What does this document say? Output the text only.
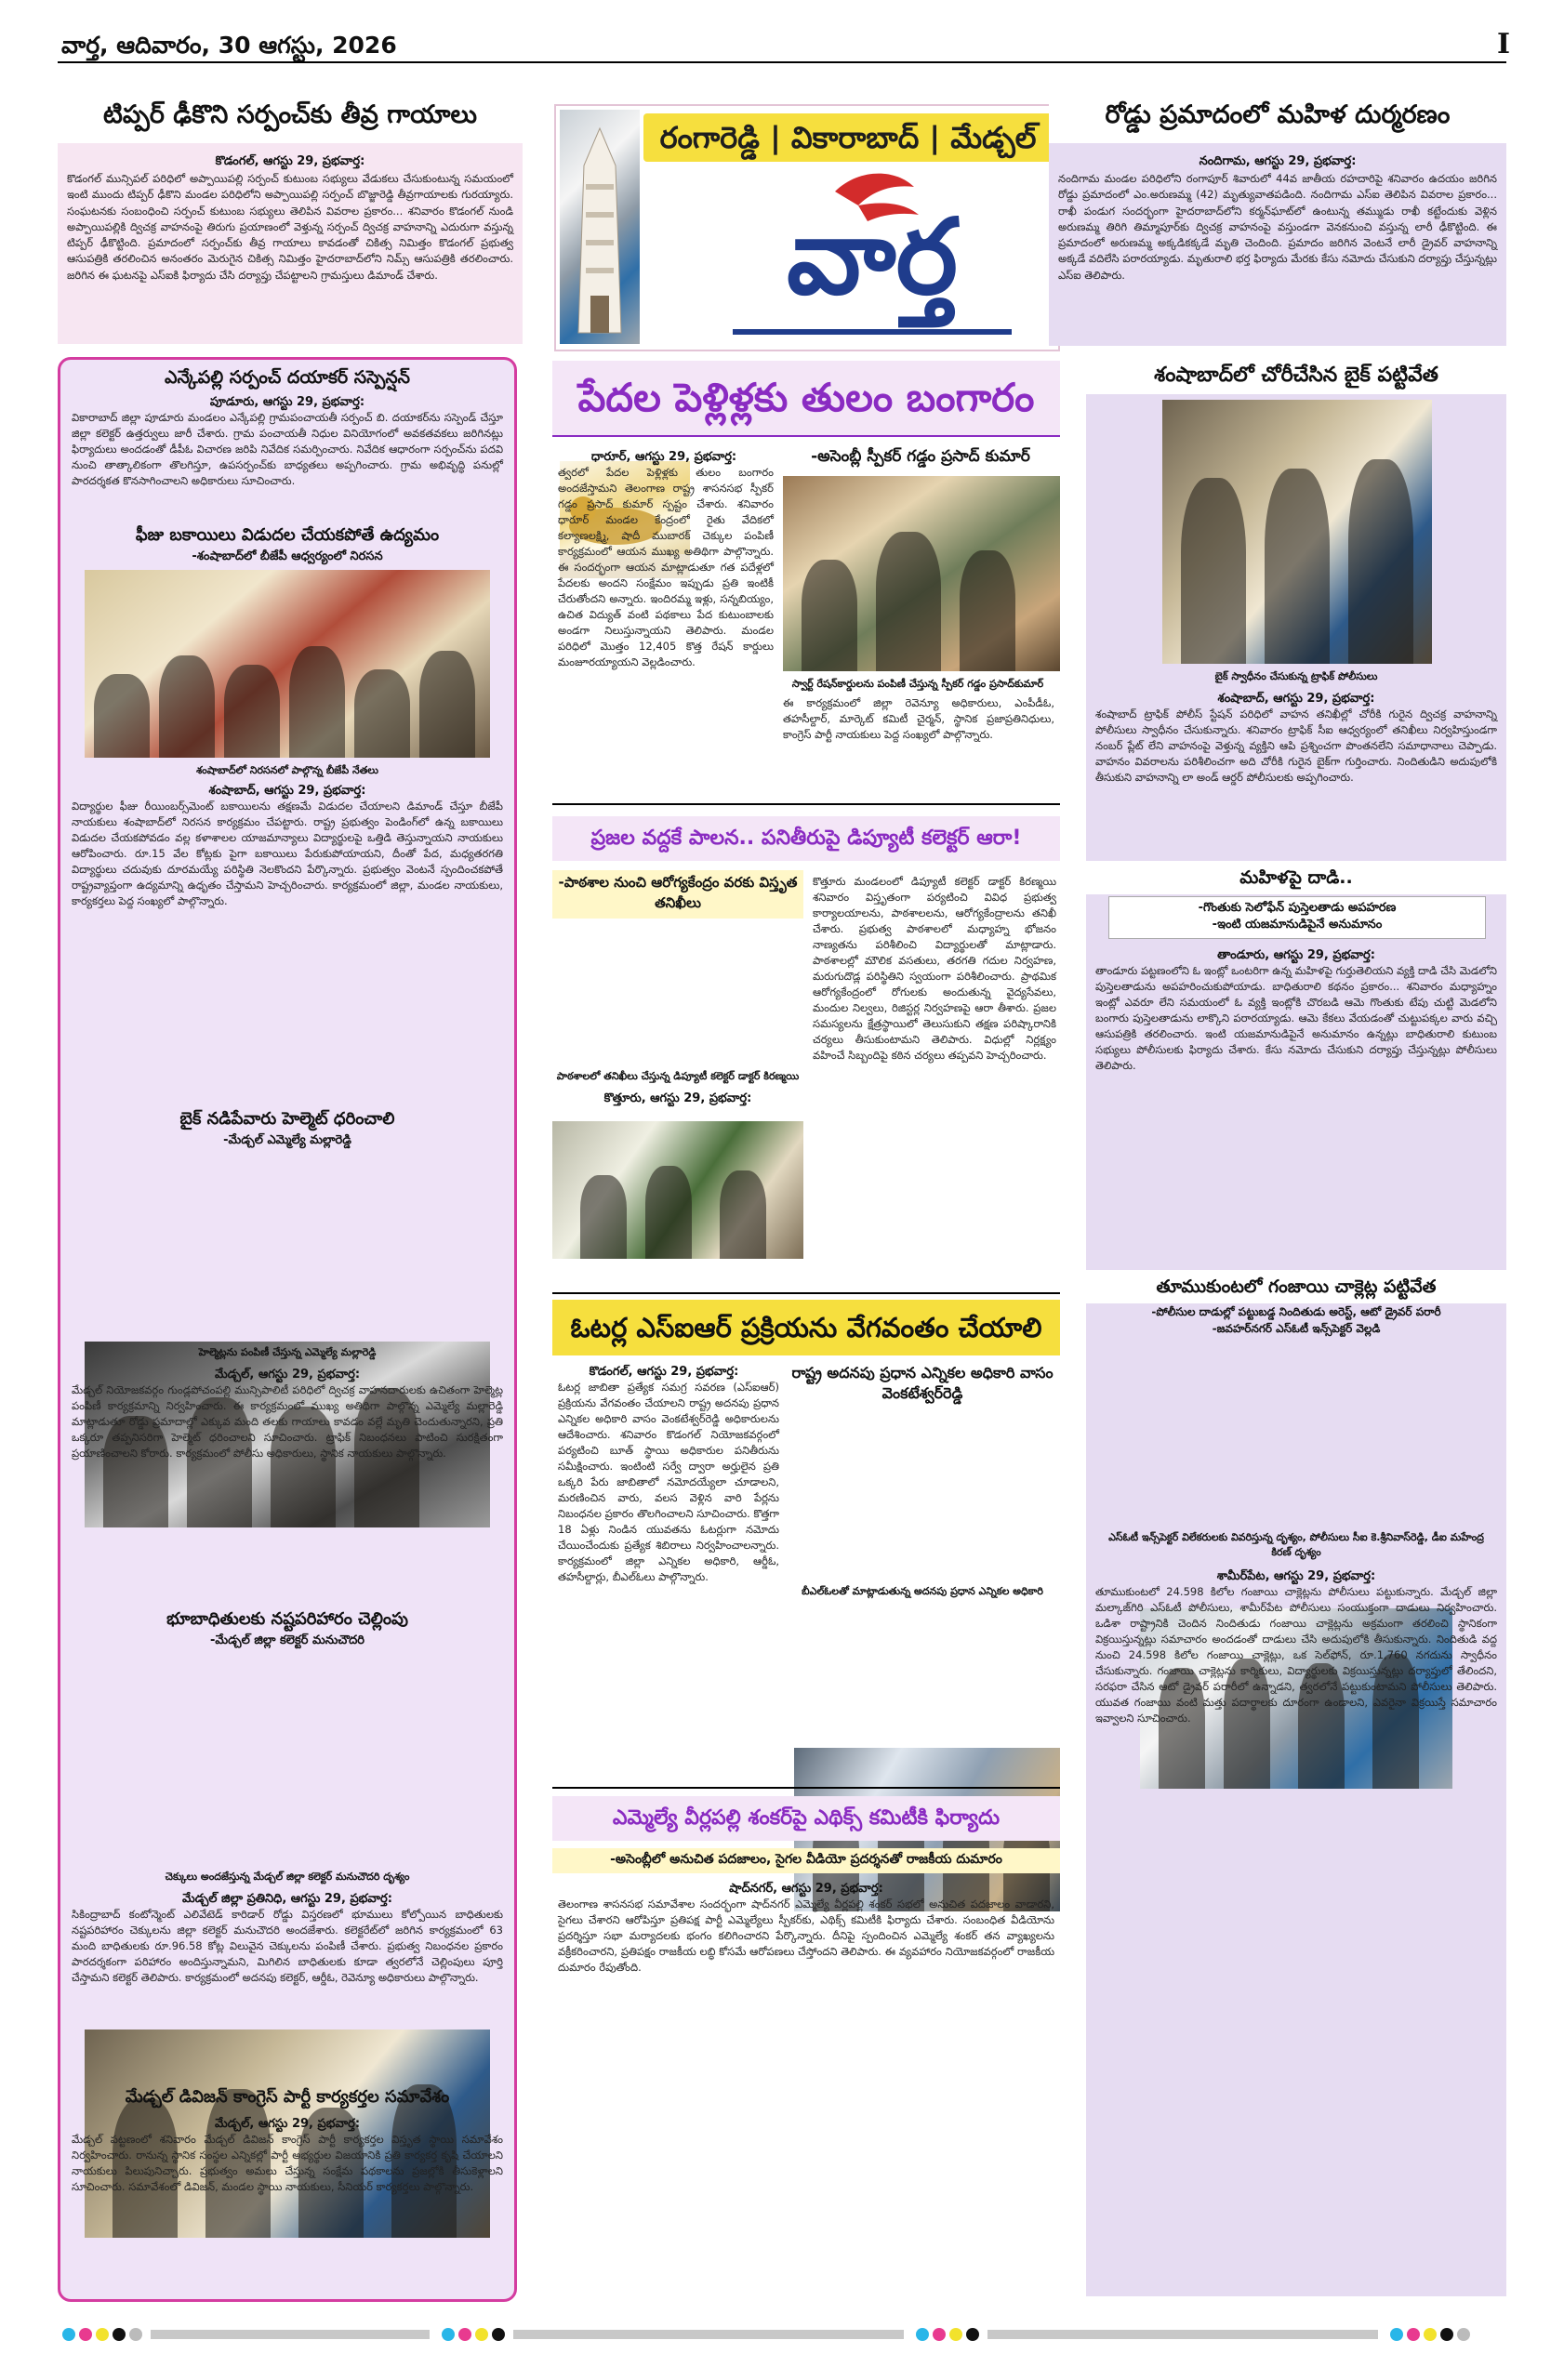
వార్త, ఆదివారం, 30 ఆగస్టు, 2026	I
టిప్పర్ ఢీకొని సర్పంచ్‌కు తీవ్ర గాయాలు
కొడంగల్, ఆగస్టు 29, ప్రభవార్త:
కొడంగల్ మున్సిపల్ పరిధిలో అప్పాయిపల్లి సర్పంచ్ కుటుంబ సభ్యులు వేడుకలు చేసుకుంటున్న సమయంలో ఇంటి ముందు టిప్పర్ ఢీకొని మండల పరిధిలోని అప్పాయిపల్లి సర్పంచ్ బొజ్జారెడ్డి తీవ్రగాయాలకు గురయ్యారు. సంఘటనకు సంబంధించి సర్పంచ్ కుటుంబ సభ్యులు తెలిపిన వివరాల ప్రకారం... శనివారం కొడంగల్ నుండి అప్పాయిపల్లికి ద్విచక్ర వాహనంపై తిరుగు ప్రయాణంలో వెళ్తున్న సర్పంచ్ ద్విచక్ర వాహనాన్ని ఎదురుగా వస్తున్న టిప్పర్ ఢీకొట్టింది. ప్రమాదంలో సర్పంచ్‌కు తీవ్ర గాయాలు కావడంతో చికిత్స నిమిత్తం కొడంగల్ ప్రభుత్వ ఆసుపత్రికి తరలించిన అనంతరం మెరుగైన చికిత్స నిమిత్తం హైదరాబాద్‌లోని నిమ్స్ ఆసుపత్రికి తరలించారు. జరిగిన ఈ ఘటనపై ఎస్ఐకి ఫిర్యాదు చేసి దర్యాప్తు చేపట్టాలని గ్రామస్తులు డిమాండ్ చేశారు.
రంగారెడ్డి | వికారాబాద్ | మేడ్చల్
వార్త
రోడ్డు ప్రమాదంలో మహిళ దుర్మరణం
నందిగామ, ఆగస్టు 29, ప్రభవార్త:
నందిగామ మండల పరిధిలోని రంగాపూర్ శివారులో 44వ జాతీయ రహదారిపై శనివారం ఉదయం జరిగిన రోడ్డు ప్రమాదంలో ఎం.అరుణమ్మ (42) మృత్యువాతపడింది. నందిగామ ఎస్ఐ తెలిపిన వివరాల ప్రకారం... రాఖీ పండుగ సందర్భంగా హైదరాబాద్‌లోని కర్మన్‌ఘాట్‌లో ఉంటున్న తమ్ముడు రాఖీ కట్టేందుకు వెళ్లిన అరుణమ్మ తిరిగి తిమ్మాపూర్‌కు ద్విచక్ర వాహనంపై వస్తుండగా వెనకనుంచి వస్తున్న లారీ ఢీకొట్టింది. ఈ ప్రమాదంలో అరుణమ్మ అక్కడికక్కడే మృతి చెందింది. ప్రమాదం జరిగిన వెంటనే లారీ డ్రైవర్ వాహనాన్ని అక్కడే వదిలేసి పరారయ్యాడు. మృతురాలి భర్త ఫిర్యాదు మేరకు కేసు నమోదు చేసుకుని దర్యాప్తు చేస్తున్నట్లు ఎస్ఐ తెలిపారు.
ఎన్కేపల్లి సర్పంచ్ దయాకర్ సస్పెన్షన్
పూడూరు, ఆగస్టు 29, ప్రభవార్త:
వికారాబాద్ జిల్లా పూడూరు మండలం ఎన్కేపల్లి గ్రామపంచాయతీ సర్పంచ్ బి. దయాకర్‌ను సస్పెండ్ చేస్తూ జిల్లా కలెక్టర్ ఉత్తర్వులు జారీ చేశారు. గ్రామ పంచాయతీ నిధుల వినియోగంలో అవకతవకలు జరిగినట్లు ఫిర్యాదులు అందడంతో డీపీఓ విచారణ జరిపి నివేదిక సమర్పించారు. నివేదిక ఆధారంగా సర్పంచ్‌ను పదవి నుంచి తాత్కాలికంగా తొలగిస్తూ, ఉపసర్పంచ్‌కు బాధ్యతలు అప్పగించారు. గ్రామ అభివృద్ధి పనుల్లో పారదర్శకత కొనసాగించాలని అధికారులు సూచించారు.
ఫీజు బకాయిలు విడుదల చేయకపోతే ఉద్యమం
-శంషాబాద్‌లో బీజేపీ ఆధ్వర్యంలో నిరసన
శంషాబాద్‌లో నిరసనలో పాల్గొన్న బీజేపీ నేతలు
శంషాబాద్, ఆగస్టు 29, ప్రభవార్త:
విద్యార్థుల ఫీజు రీయింబర్స్‌మెంట్ బకాయిలను తక్షణమే విడుదల చేయాలని డిమాండ్ చేస్తూ బీజేపీ నాయకులు శంషాబాద్‌లో నిరసన కార్యక్రమం చేపట్టారు. రాష్ట్ర ప్రభుత్వం పెండింగ్‌లో ఉన్న బకాయిలు విడుదల చేయకపోవడం వల్ల కళాశాలల యాజమాన్యాలు విద్యార్థులపై ఒత్తిడి తెస్తున్నాయని నాయకులు ఆరోపించారు. రూ.15 వేల కోట్లకు పైగా బకాయిలు పేరుకుపోయాయని, దీంతో పేద, మధ్యతరగతి విద్యార్థులు చదువుకు దూరమయ్యే పరిస్థితి నెలకొందని పేర్కొన్నారు. ప్రభుత్వం వెంటనే స్పందించకపోతే రాష్ట్రవ్యాప్తంగా ఉద్యమాన్ని ఉధృతం చేస్తామని హెచ్చరించారు. కార్యక్రమంలో జిల్లా, మండల నాయకులు, కార్యకర్తలు పెద్ద సంఖ్యలో పాల్గొన్నారు.
బైక్ నడిపేవారు హెల్మెట్ ధరించాలి
-మేడ్చల్ ఎమ్మెల్యే మల్లారెడ్డి
హెల్మెట్లను పంపిణీ చేస్తున్న ఎమ్మెల్యే మల్లారెడ్డి
మేడ్చల్, ఆగస్టు 29, ప్రభవార్త:
మేడ్చల్ నియోజకవర్గం గుండ్లపోచంపల్లి మున్సిపాలిటీ పరిధిలో ద్విచక్ర వాహనదారులకు ఉచితంగా హెల్మెట్ల పంపిణీ కార్యక్రమాన్ని నిర్వహించారు. ఈ కార్యక్రమంలో ముఖ్య అతిథిగా పాల్గొన్న ఎమ్మెల్యే మల్లారెడ్డి మాట్లాడుతూ రోడ్డు ప్రమాదాల్లో ఎక్కువ మంది తలకు గాయాలు కావడం వల్లే మృతి చెందుతున్నారని, ప్రతి ఒక్కరూ తప్పనిసరిగా హెల్మెట్ ధరించాలని సూచించారు. ట్రాఫిక్ నిబంధనలు పాటించి సురక్షితంగా ప్రయాణించాలని కోరారు. కార్యక్రమంలో పోలీసు అధికారులు, స్థానిక నాయకులు పాల్గొన్నారు.
భూబాధితులకు నష్టపరిహారం చెల్లింపు
-మేడ్చల్ జిల్లా కలెక్టర్ మనుచౌదరి
చెక్కులు అందజేస్తున్న మేడ్చల్ జిల్లా కలెక్టర్ మనుచౌదరి దృశ్యం
మేడ్చల్ జిల్లా ప్రతినిధి, ఆగస్టు 29, ప్రభవార్త:
సికింద్రాబాద్ కంటోన్మెంట్ ఎలివేటెడ్ కారిడార్ రోడ్డు విస్తరణలో భూములు కోల్పోయిన బాధితులకు నష్టపరిహారం చెక్కులను జిల్లా కలెక్టర్ మనుచౌదరి అందజేశారు. కలెక్టరేట్‌లో జరిగిన కార్యక్రమంలో 63 మంది బాధితులకు రూ.96.58 కోట్ల విలువైన చెక్కులను పంపిణీ చేశారు. ప్రభుత్వ నిబంధనల ప్రకారం పారదర్శకంగా పరిహారం అందిస్తున్నామని, మిగిలిన బాధితులకు కూడా త్వరలోనే చెల్లింపులు పూర్తి చేస్తామని కలెక్టర్ తెలిపారు. కార్యక్రమంలో అదనపు కలెక్టర్, ఆర్డీఓ, రెవెన్యూ అధికారులు పాల్గొన్నారు.
మేడ్చల్ డివిజన్ కాంగ్రెస్ పార్టీ కార్యకర్తల సమావేశం
మేడ్చల్, ఆగస్టు 29, ప్రభవార్త:
మేడ్చల్ పట్టణంలో శనివారం మేడ్చల్ డివిజన్ కాంగ్రెస్ పార్టీ కార్యకర్తల విస్తృత స్థాయి సమావేశం నిర్వహించారు. రానున్న స్థానిక సంస్థల ఎన్నికల్లో పార్టీ అభ్యర్థుల విజయానికి ప్రతి కార్యకర్త కృషి చేయాలని నాయకులు పిలుపునిచ్చారు. ప్రభుత్వం అమలు చేస్తున్న సంక్షేమ పథకాలను ప్రజల్లోకి తీసుకెళ్లాలని సూచించారు. సమావేశంలో డివిజన్, మండల స్థాయి నాయకులు, సీనియర్ కార్యకర్తలు పాల్గొన్నారు.
పేదల పెళ్లిళ్లకు తులం బంగారం
-అసెంబ్లీ స్పీకర్ గడ్డం ప్రసాద్ కుమార్
ధారూర్, ఆగస్టు 29, ప్రభవార్త:
త్వరలో పేదల పెళ్లిళ్లకు తులం బంగారం అందజేస్తామని తెలంగాణ రాష్ట్ర శాసనసభ స్పీకర్ గడ్డం ప్రసాద్ కుమార్ స్పష్టం చేశారు. శనివారం ధారూర్ మండల కేంద్రంలో రైతు వేదికలో కల్యాణలక్ష్మి, షాదీ ముబారక్ చెక్కుల పంపిణీ కార్యక్రమంలో ఆయన ముఖ్య అతిథిగా పాల్గొన్నారు. ఈ సందర్భంగా ఆయన మాట్లాడుతూ గత పదేళ్లలో పేదలకు అందని సంక్షేమం ఇప్పుడు ప్రతి ఇంటికీ చేరుతోందని అన్నారు. ఇందిరమ్మ ఇళ్లు, సన్నబియ్యం, ఉచిత విద్యుత్ వంటి పథకాలు పేద కుటుంబాలకు అండగా నిలుస్తున్నాయని తెలిపారు. మండల పరిధిలో మొత్తం 12,405 కొత్త రేషన్ కార్డులు మంజూరయ్యాయని వెల్లడించారు.
స్వార్ట్ రేషన్‌కార్డులను పంపిణీ చేస్తున్న స్పీకర్ గడ్డం ప్రసాద్‌కుమార్
ఈ కార్యక్రమంలో జిల్లా రెవెన్యూ అధికారులు, ఎంపీడీఓ, తహసీల్దార్, మార్కెట్ కమిటీ చైర్మన్, స్థానిక ప్రజాప్రతినిధులు, కాంగ్రెస్ పార్టీ నాయకులు పెద్ద సంఖ్యలో పాల్గొన్నారు.
ప్రజల వద్దకే పాలన.. పనితీరుపై డిప్యూటీ కలెక్టర్ ఆరా!
-పాఠశాల నుంచి ఆరోగ్యకేంద్రం వరకు విస్తృత తనిఖీలు
పాఠశాలలో తనిఖీలు చేస్తున్న డిప్యూటీ కలెక్టర్ డాక్టర్ కిరణ్మయి
కొత్తూరు, ఆగస్టు 29, ప్రభవార్త:
కొత్తూరు మండలంలో డిప్యూటీ కలెక్టర్ డాక్టర్ కిరణ్మయి శనివారం విస్తృతంగా పర్యటించి వివిధ ప్రభుత్వ కార్యాలయాలను, పాఠశాలలను, ఆరోగ్యకేంద్రాలను తనిఖీ చేశారు. ప్రభుత్వ పాఠశాలలో మధ్యాహ్న భోజనం నాణ్యతను పరిశీలించి విద్యార్థులతో మాట్లాడారు. పాఠశాలల్లో మౌలిక వసతులు, తరగతి గదుల నిర్వహణ, మరుగుదొడ్ల పరిస్థితిని స్వయంగా పరిశీలించారు. ప్రాథమిక ఆరోగ్యకేంద్రంలో రోగులకు అందుతున్న వైద్యసేవలు, మందుల నిల్వలు, రిజిస్టర్ల నిర్వహణపై ఆరా తీశారు. ప్రజల సమస్యలను క్షేత్రస్థాయిలో తెలుసుకుని తక్షణ పరిష్కారానికి చర్యలు తీసుకుంటామని తెలిపారు. విధుల్లో నిర్లక్ష్యం వహించే సిబ్బందిపై కఠిన చర్యలు తప్పవని హెచ్చరించారు.
ఓటర్ల ఎస్ఐఆర్ ప్రక్రియను వేగవంతం చేయాలి
రాష్ట్ర అదనపు ప్రధాన ఎన్నికల అధికారి వాసం వెంకటేశ్వర్‌రెడ్డి
కొడంగల్, ఆగస్టు 29, ప్రభవార్త:
బీఎల్‌ఓలతో మాట్లాడుతున్న అదనపు ప్రధాన ఎన్నికల అధికారి
ఓటర్ల జాబితా ప్రత్యేక సమగ్ర సవరణ (ఎస్ఐఆర్) ప్రక్రియను వేగవంతం చేయాలని రాష్ట్ర అదనపు ప్రధాన ఎన్నికల అధికారి వాసం వెంకటేశ్వర్‌రెడ్డి అధికారులను ఆదేశించారు. శనివారం కొడంగల్ నియోజకవర్గంలో పర్యటించి బూత్ స్థాయి అధికారుల పనితీరును సమీక్షించారు. ఇంటింటి సర్వే ద్వారా అర్హులైన ప్రతి ఒక్కరి పేరు జాబితాలో నమోదయ్యేలా చూడాలని, మరణించిన వారు, వలస వెళ్లిన వారి పేర్లను నిబంధనల ప్రకారం తొలగించాలని సూచించారు. కొత్తగా 18 ఏళ్లు నిండిన యువతను ఓటర్లుగా నమోదు చేయించేందుకు ప్రత్యేక శిబిరాలు నిర్వహించాలన్నారు. కార్యక్రమంలో జిల్లా ఎన్నికల అధికారి, ఆర్డీఓ, తహసీల్దార్లు, బీఎల్‌ఓలు పాల్గొన్నారు.
ఎమ్మెల్యే వీర్లపల్లి శంకర్‌పై ఎథిక్స్ కమిటీకి ఫిర్యాదు
-అసెంబ్లీలో అనుచిత పదజాలం, సైగల వీడియో ప్రదర్శనతో రాజకీయ దుమారం
షాద్‌నగర్, ఆగస్టు 29, ప్రభవార్త:
తెలంగాణ శాసనసభ సమావేశాల సందర్భంగా షాద్‌నగర్ ఎమ్మెల్యే వీర్లపల్లి శంకర్ సభలో అనుచిత పదజాలం వాడారని, సైగలు చేశారని ఆరోపిస్తూ ప్రతిపక్ష పార్టీ ఎమ్మెల్యేలు స్పీకర్‌కు, ఎథిక్స్ కమిటీకి ఫిర్యాదు చేశారు. సంబంధిత వీడియోను ప్రదర్శిస్తూ సభా మర్యాదలకు భంగం కలిగించారని పేర్కొన్నారు. దీనిపై స్పందించిన ఎమ్మెల్యే శంకర్ తన వ్యాఖ్యలను వక్రీకరించారని, ప్రతిపక్షం రాజకీయ లబ్ధి కోసమే ఆరోపణలు చేస్తోందని తెలిపారు. ఈ వ్యవహారం నియోజకవర్గంలో రాజకీయ దుమారం రేపుతోంది.
శంషాబాద్‌లో చోరీచేసిన బైక్ పట్టివేత
బైక్ స్వాధీనం చేసుకున్న ట్రాఫిక్ పోలీసులు
శంషాబాద్, ఆగస్టు 29, ప్రభవార్త:
శంషాబాద్ ట్రాఫిక్ పోలీస్ స్టేషన్ పరిధిలో వాహన తనిఖీల్లో చోరీకి గురైన ద్విచక్ర వాహనాన్ని పోలీసులు స్వాధీనం చేసుకున్నారు. శనివారం ట్రాఫిక్ సీఐ ఆధ్వర్యంలో తనిఖీలు నిర్వహిస్తుండగా నంబర్ ప్లేట్ లేని వాహనంపై వెళ్తున్న వ్యక్తిని ఆపి ప్రశ్నించగా పొంతనలేని సమాధానాలు చెప్పాడు. వాహనం వివరాలను పరిశీలించగా అది చోరీకి గురైన బైక్‌గా గుర్తించారు. నిందితుడిని అదుపులోకి తీసుకుని వాహనాన్ని లా అండ్ ఆర్డర్ పోలీసులకు అప్పగించారు.
మహిళపై దాడి..
-గొంతుకు సెలోఫేన్ పుస్తెలతాడు అపహరణ
-ఇంటి యజమానుడిపైనే అనుమానం
తాండూరు, ఆగస్టు 29, ప్రభవార్త:
తాండూరు పట్టణంలోని ఓ ఇంట్లో ఒంటరిగా ఉన్న మహిళపై గుర్తుతెలియని వ్యక్తి దాడి చేసి మెడలోని పుస్తెలతాడును అపహరించుకుపోయాడు. బాధితురాలి కథనం ప్రకారం... శనివారం మధ్యాహ్నం ఇంట్లో ఎవరూ లేని సమయంలో ఓ వ్యక్తి ఇంట్లోకి చొరబడి ఆమె గొంతుకు టేపు చుట్టి మెడలోని బంగారు పుస్తెలతాడును లాక్కొని పరారయ్యాడు. ఆమె కేకలు వేయడంతో చుట్టుపక్కల వారు వచ్చి ఆసుపత్రికి తరలించారు. ఇంటి యజమానుడిపైనే అనుమానం ఉన్నట్లు బాధితురాలి కుటుంబ సభ్యులు పోలీసులకు ఫిర్యాదు చేశారు. కేసు నమోదు చేసుకుని దర్యాప్తు చేస్తున్నట్లు పోలీసులు తెలిపారు.
తూముకుంటలో గంజాయి చాక్లెట్ల పట్టివేత
-పోలీసుల దాడుల్లో పట్టుబడ్డ నిందితుడు అరెస్ట్, ఆటో డ్రైవర్ పరారీ
-జవహర్‌నగర్ ఎస్ఓటీ ఇన్స్‌పెక్టర్ వెల్లడి
ఎస్ఓటీ ఇన్స్‌పెక్టర్ విలేకరులకు వివరిస్తున్న దృశ్యం, పోలీసులు సీఐ కె.శ్రీనివాస్‌రెడ్డి, డీఐ మహేంద్ర కిరణ్ దృశ్యం
శామీర్‌పేట, ఆగస్టు 29, ప్రభవార్త:
తూముకుంటలో 24.598 కిలోల గంజాయి చాక్లెట్లను పోలీసులు పట్టుకున్నారు. మేడ్చల్ జిల్లా మల్కాజ్‌గిరి ఎస్ఓటీ పోలీసులు, శామీర్‌పేట పోలీసులు సంయుక్తంగా దాడులు నిర్వహించారు. ఒడిశా రాష్ట్రానికి చెందిన నిందితుడు గంజాయి చాక్లెట్లను అక్రమంగా తరలించి స్థానికంగా విక్రయిస్తున్నట్లు సమాచారం అందడంతో దాడులు చేసి అదుపులోకి తీసుకున్నారు. నిందితుడి వద్ద నుంచి 24.598 కిలోల గంజాయి చాక్లెట్లు, ఒక సెల్‌ఫోన్, రూ.1,760 నగదును స్వాధీనం చేసుకున్నారు. గంజాయి చాక్లెట్లను కార్మికులు, విద్యార్థులకు విక్రయిస్తున్నట్లు దర్యాప్తులో తేలిందని, సరఫరా చేసిన ఆటో డ్రైవర్ పరారీలో ఉన్నాడని, త్వరలోనే పట్టుకుంటామని పోలీసులు తెలిపారు. యువత గంజాయి వంటి మత్తు పదార్థాలకు దూరంగా ఉండాలని, ఎవరైనా విక్రయిస్తే సమాచారం ఇవ్వాలని సూచించారు.
